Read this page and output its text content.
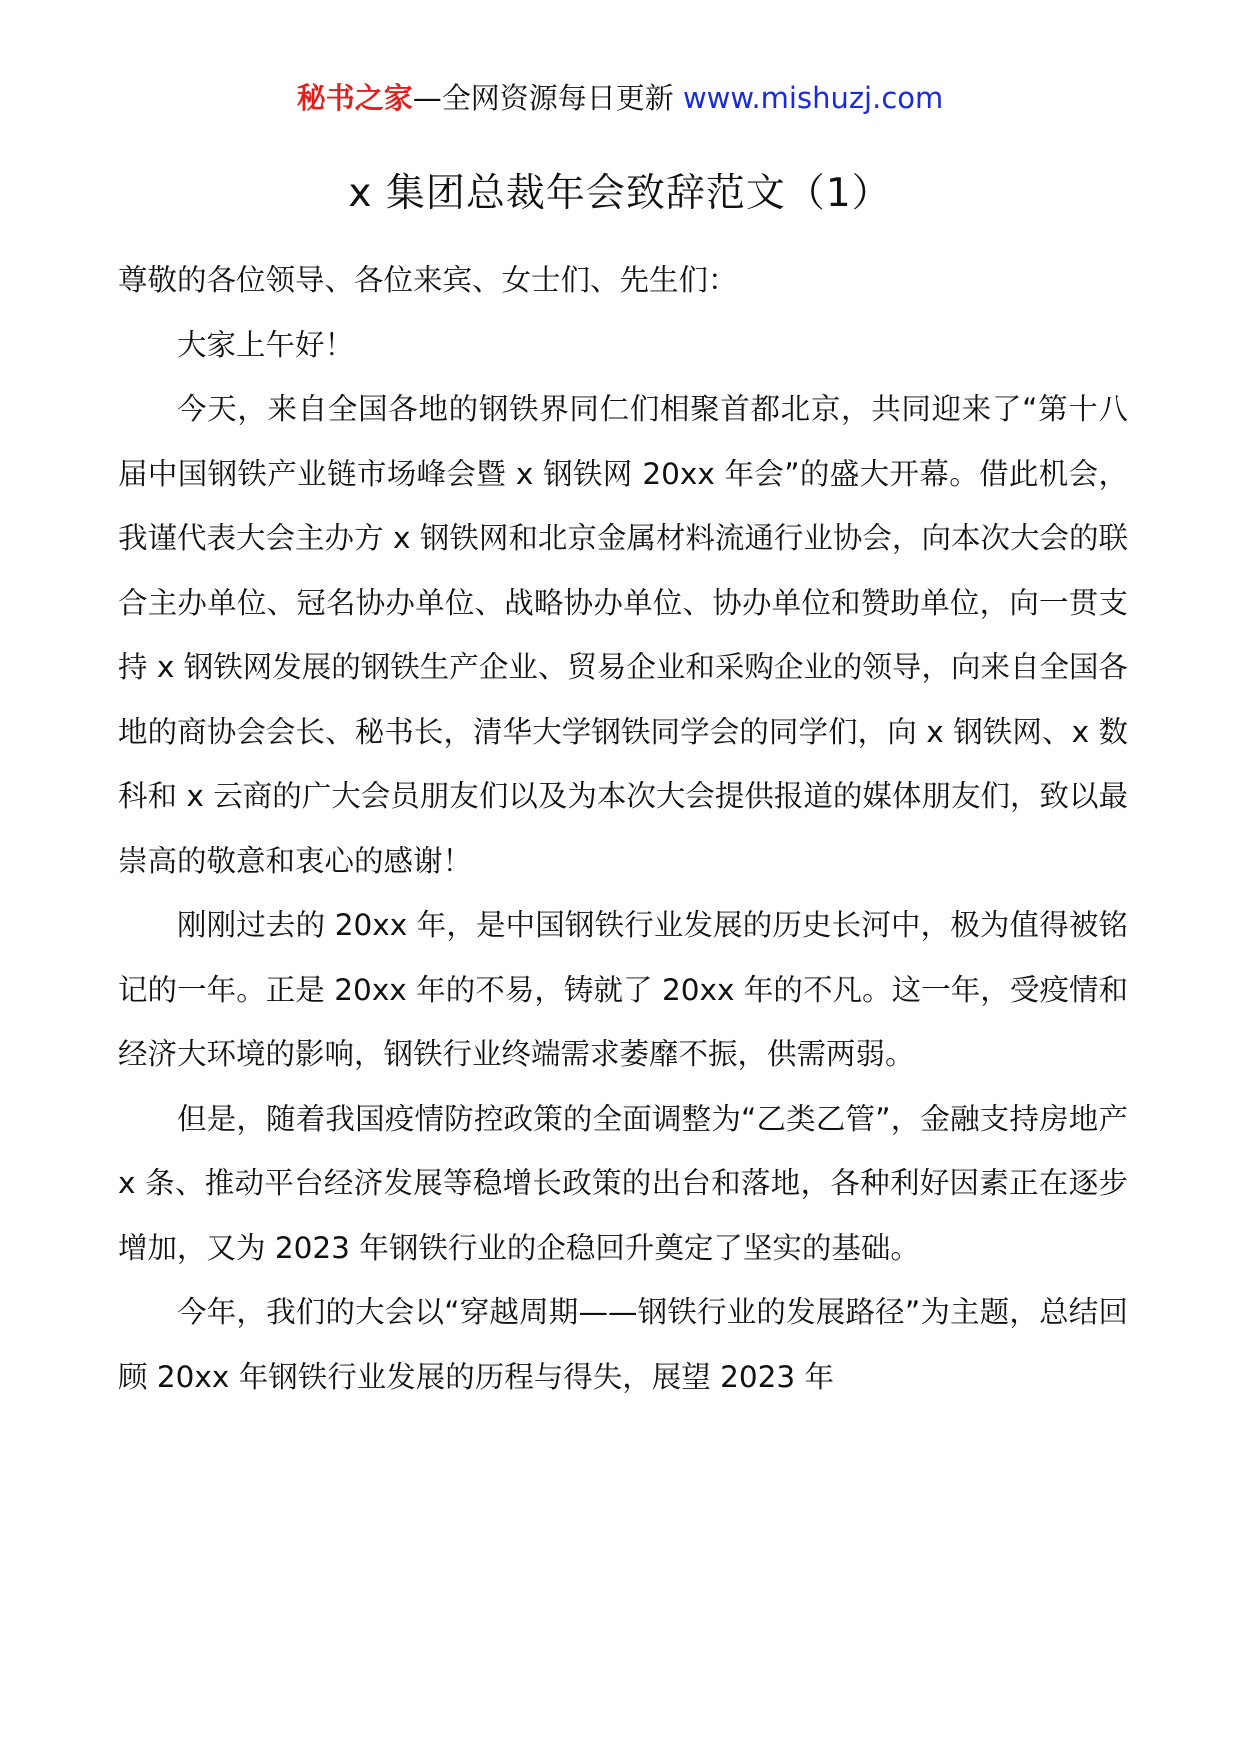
秘书之家—全网资源每日更新 www.mishuzj.com
x 集团总裁年会致辞范文（1）

尊敬的各位领导、各位来宾、女士们、先生们：

大家上午好！

今天，来自全国各地的钢铁界同仁们相聚首都北京，共同迎来了“第十八届中国钢铁产业链市场峰会暨 x 钢铁网 20xx 年会”的盛大开幕。借此机会，我谨代表大会主办方 x 钢铁网和北京金属材料流通行业协会，向本次大会的联合主办单位、冠名协办单位、战略协办单位、协办单位和赞助单位，向一贯支持 x 钢铁网发展的钢铁生产企业、贸易企业和采购企业的领导，向来自全国各地的商协会会长、秘书长，清华大学钢铁同学会的同学们，向 x 钢铁网、x 数科和 x 云商的广大会员朋友们以及为本次大会提供报道的媒体朋友们，致以最崇高的敬意和衷心的感谢！

刚刚过去的 20xx 年，是中国钢铁行业发展的历史长河中，极为值得被铭记的一年。正是 20xx 年的不易，铸就了 20xx 年的不凡。这一年，受疫情和经济大环境的影响，钢铁行业终端需求萎靡不振，供需两弱。

但是，随着我国疫情防控政策的全面调整为“乙类乙管”，金融支持房地产 x 条、推动平台经济发展等稳增长政策的出台和落地，各种利好因素正在逐步增加，又为 2023 年钢铁行业的企稳回升奠定了坚实的基础。

今年，我们的大会以“穿越周期——钢铁行业的发展路径”为主题，总结回顾 20xx 年钢铁行业发展的历程与得失，展望 2023 年
